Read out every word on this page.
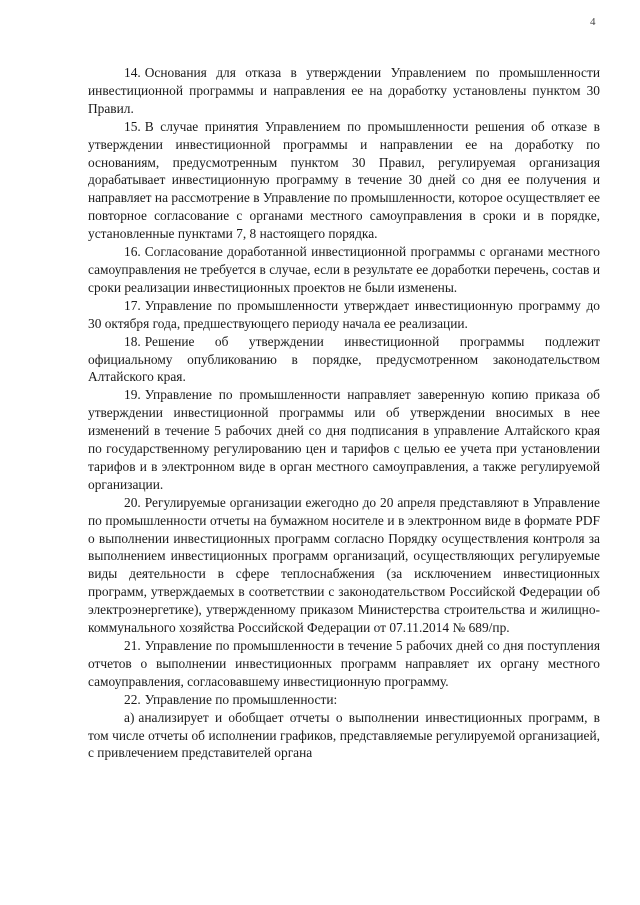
4

14. Основания для отказа в утверждении Управлением по промышленности инвестиционной программы и направления ее на доработку установлены пунктом 30 Правил.

15. В случае принятия Управлением по промышленности решения об отказе в утверждении инвестиционной программы и направлении ее на доработку по основаниям, предусмотренным пунктом 30 Правил, регулируемая организация дорабатывает инвестиционную программу в течение 30 дней со дня ее получения и направляет на рассмотрение в Управление по промышленности, которое осуществляет ее повторное согласование с органами местного самоуправления в сроки и в порядке, установленные пунктами 7, 8 настоящего порядка.

16. Согласование доработанной инвестиционной программы с органами местного самоуправления не требуется в случае, если в результате ее доработки перечень, состав и сроки реализации инвестиционных проектов не были изменены.

17. Управление по промышленности утверждает инвестиционную программу до 30 октября года, предшествующего периоду начала ее реализации.

18. Решение об утверждении инвестиционной программы подлежит официальному опубликованию в порядке, предусмотренном законодательством Алтайского края.

19. Управление по промышленности направляет заверенную копию приказа об утверждении инвестиционной программы или об утверждении вносимых в нее изменений в течение 5 рабочих дней со дня подписания в управление Алтайского края по государственному регулированию цен и тарифов с целью ее учета при установлении тарифов и в электронном виде в орган местного самоуправления, а также регулируемой организации.

20. Регулируемые организации ежегодно до 20 апреля представляют в Управление по промышленности отчеты на бумажном носителе и в электронном виде в формате PDF о выполнении инвестиционных программ согласно Порядку осуществления контроля за выполнением инвестиционных программ организаций, осуществляющих регулируемые виды деятельности в сфере теплоснабжения (за исключением инвестиционных программ, утверждаемых в соответствии с законодательством Российской Федерации об электроэнергетике), утвержденному приказом Министерства строительства и жилищно-коммунального хозяйства Российской Федерации от 07.11.2014 № 689/пр.

21. Управление по промышленности в течение 5 рабочих дней со дня поступления отчетов о выполнении инвестиционных программ направляет их органу местного самоуправления, согласовавшему инвестиционную программу.

22. Управление по промышленности:

а) анализирует и обобщает отчеты о выполнении инвестиционных программ, в том числе отчеты об исполнении графиков, представляемые регулируемой организацией, с привлечением представителей органа
